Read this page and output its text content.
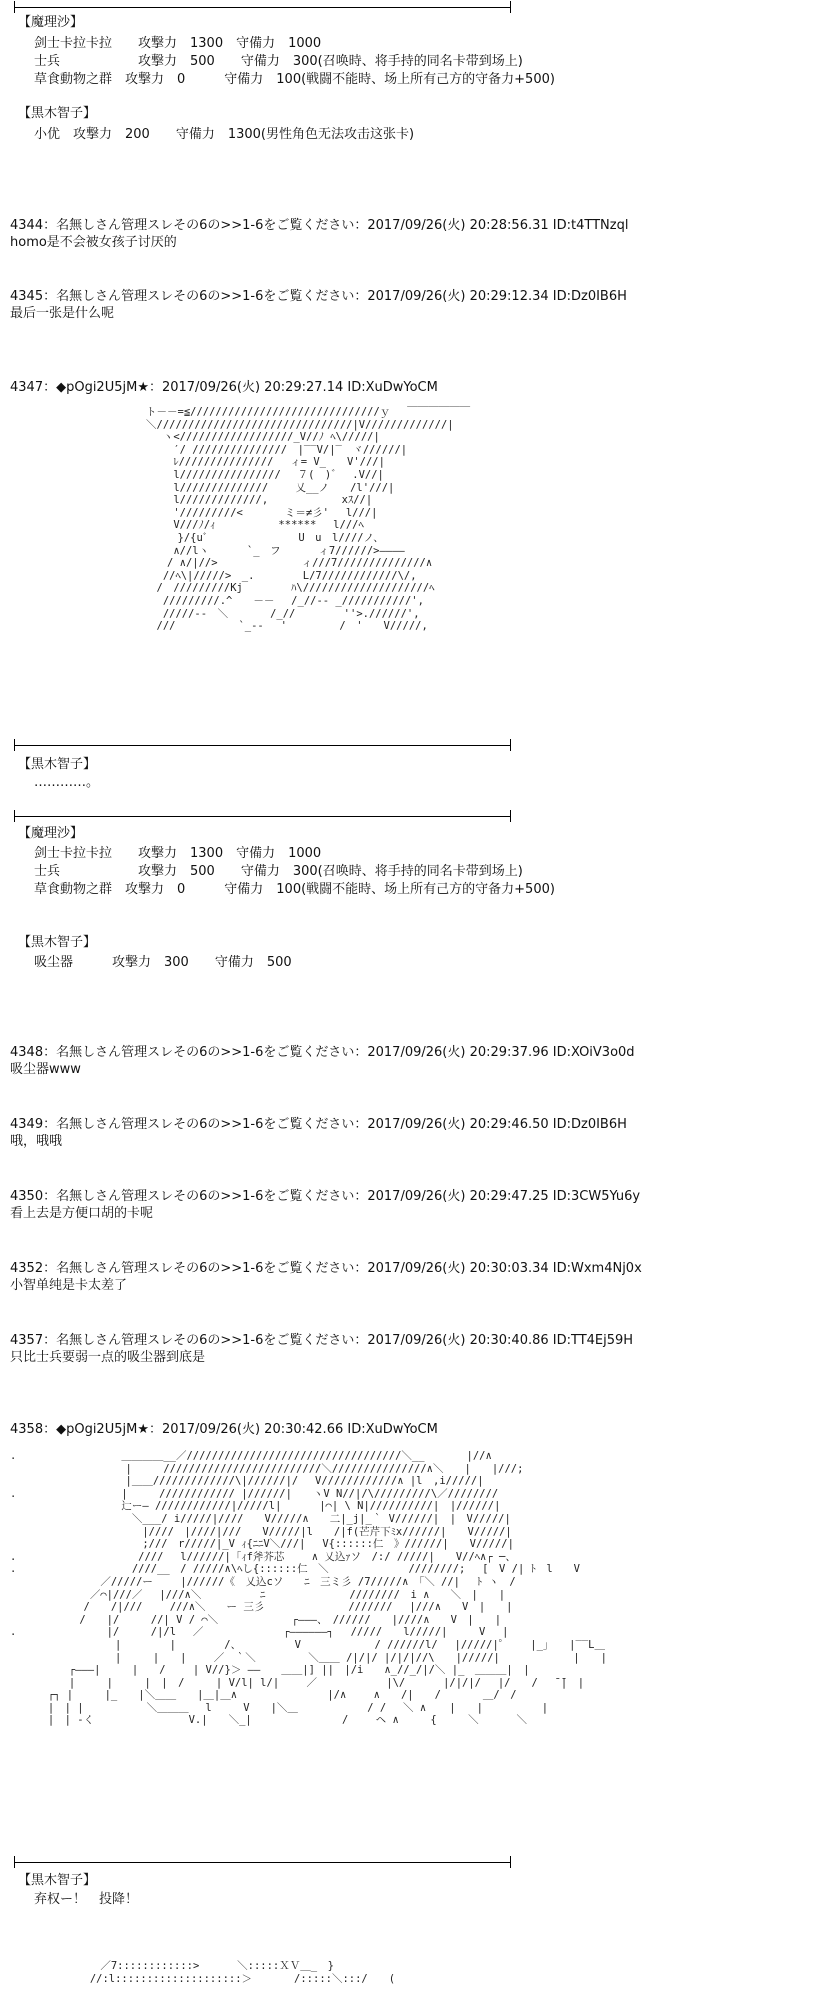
【魔理沙】
剑士卡拉卡拉　　攻撃力　1300　守備力　1000
士兵　　　　　　攻撃力　500　　守備力　300(召唤時、将手持的同名卡带到场上)
草食動物之群　攻撃力　0　　　守備力　100(戦闘不能時、场上所有己方的守备力+500)
【黒木智子】
小优　攻撃力　200　　守備力　1300(男性角色无法攻击这张卡)
4344：名無しさん管理スレその6の>>1-6をご覧ください：2017/09/26(火) 20:28:56.31 ID:t4TTNzql
homo是不会被女孩子讨厌的
4345：名無しさん管理スレその6の>>1-6をご覧ください：2017/09/26(火) 20:29:12.34 ID:Dz0IB6H
最后一张是什么呢
4347：◆pOgi2U5jM★：2017/09/26(火) 20:29:27.14 ID:XuDwYoCM
　　　　　　　　　　　　ト－－=≦//////////////////////////////ｙ　 ￣￣￣￣￣￣
　　　　　　　　　　　　＼///////////////////////////////|V/////////////|
　　　　　　　　　　　　　 ヽ<//////////////////_V//ﾉ ﾍ\/////|
　　　　　　　　　　　　　　 ′/ ///////////////　|‾‾V/|‾　ヾ//////|
　　　　　　　　　　　　　　 ﾚ/////////////// 　ィ= V_　　V'///|
　　　　　　　　　　　　　　 l////////////////　 ７(　)゛　.V//|
　　　　　　　　　　　　　　 l//////////////　　 乂__ノ　　/l'///|
　　　　　　　　　　　　　　 l/////////////,　　　　　　　xｽ//|
　　　　　　　　　　　　　　 '/////////<　　　　ミ＝≠彡'　 l///|
　　　　　　　　　　　　　　 V///ﾉ/ｨ　　　　　　******　 l///ﾍ
　　　　　　　　　　　　　　　}/{uﾞ　　　　　　　　 U　u　l////ノ、
　　　　　　　　　　　　　　 ∧//lヽ　　　 `_　フ　　　 ィ7//////>――――
　　　　　　　　　　　　　　/ ∧/|//>　　　　　　　　ィ///7//////////////∧
　　　　　　　　　　　　　 //ﾍ\|/////>　_.　　　　 L/7////////////\/,
　　　　　　　　　　　　　/　/////////Kj　　　　 ﾊ\////////////////////ﾍ
　　　　　　　　　　　　　 /////////.^　　－－　 /_//-- _///////////',
　　　　　　　　　　　　　 /////--　＼　　　　/_//　　　　 ''>.//////',
　　　　　　　　　　　　　///　　　　　　`_--　 '　　　　　/　'　　V/////,
【黒木智子】
…………。
【魔理沙】
剑士卡拉卡拉　　攻撃力　1300　守備力　1000
士兵　　　　　　攻撃力　500　　守備力　300(召唤時、将手持的同名卡带到场上)
草食動物之群　攻撃力　0　　　守備力　100(戦闘不能時、场上所有己方的守备力+500)
【黒木智子】
吸尘器　　　攻撃力　300　　守備力　500
4348：名無しさん管理スレその6の>>1-6をご覧ください：2017/09/26(火) 20:29:37.96 ID:XOiV3o0d
吸尘器www
4349：名無しさん管理スレその6の>>1-6をご覧ください：2017/09/26(火) 20:29:46.50 ID:Dz0IB6H
哦，哦哦
4350：名無しさん管理スレその6の>>1-6をご覧ください：2017/09/26(火) 20:29:47.25 ID:3CW5Yu6y
看上去是方便口胡的卡呢
4352：名無しさん管理スレその6の>>1-6をご覧ください：2017/09/26(火) 20:30:03.34 ID:Wxm4Nj0x
小智单纯是卡太差了
4357：名無しさん管理スレその6の>>1-6をご覧ください：2017/09/26(火) 20:30:40.86 ID:TT4Ej59H
只比士兵要弱一点的吸尘器到底是
4358：◆pOgi2U5jM★：2017/09/26(火) 20:30:42.66 ID:XuDwYoCM
.　　　　　　　　　　＿＿＿＿__／//////////////////////////////////＼__　　　　|//∧
　　　　　　　　　　　|　　　/////////////////////////＼///////////////∧＼　　|　　|///;
　　　　　　　　　　　|＿＿/////////////\|//////|/　 V////////////∧ |l　,i/////|
.　　　　　　　　　　|　　　//////////// |//////|　　ヽV N//|/\/////////\／////////
　　　　　　　　　　 辷ー― ////////////|/////l| 　　　|⌒| \ N|//////////|　|//////|
　　　　　　　　　　　 ＼___/ i/////|////　　V/////∧　　二|_j|_｀ V//////|　|　V/////|
　　　　　　　　　　　　 |////　|////|///　　V/////|l　　/|f(芒芹下ﾐx//////|　　V/////|
　　　　　　　　　　　　 ;///　r/////|_V ｨ{ﾆﾆV＼///|　 V{::::::仁　》//////|　　V/////|
.　　　　　　　　　　　 ////　 l//////|「ｨf斧芥芯　　 ∧ 乂込ｧソ　/:/ /////|　　V//ﾍ∧┌ ─、
.　　　　　　　　　　　////__　/ /////∧\ﾍし{::::::仁　＼　　　　　　　 ////////;　 [　V /| ﾄ　l　　V
　　　　　　　　 ／/////ー 　　|//////《　乂込cソ　　ﾆ　三ミ彡 /7/////∧　「＼ //|　 ﾄ ヽ　/
　　　　　　　 ／⌒|///／　 |///∧＼　　　　　 ﾆ　　　　　　　　////////　i ∧　　＼　|　　|
　　　　　　　/　　/|///　　 ///∧＼　　ー 三彡　　　　　　　　///////　 |///∧　　V　|　　|
　　　　　　 /　　|/　　　//| V / ⌒＼　　　　　　　┌―――、　//////　　|////∧　　V　|　　|
.　　　　　　　　 |/　　　/|/l 　／　　　　　　　 ┌――――――┐ 　/////　　l/////|　　　V　 |
　　　　　　　　　　|　　　　 |　　　　 /、　　　　　 V　　　　　　　/ //////l/　 |/////|゜　　|_」　　|‾‾L＿
　　　　　　　　　　|　　　|　　|　　 ／　｀＼　　　　　＼＿＿ /|/|/ |/|/|//\　　|/////|　　　　　　　|　　|
　　　　　 ┌―――|　　　|　　/　　 | V//}＞ ――　　＿＿|] ||　|/i　　∧_//_/|/＼ |_　＿＿＿|　|
　　　　　 |　　　|　　　|　|　/　　　| V/l| l/|　　 ／　　　　　　 |\/　　　 |/|/|/　 |/　　/　 ̄ ̄|　|
　　　 ┌┐ |　　　|_　　|＼＿＿　　|＿|＿∧　　　　　　　　 |/∧　　 ∧　　/|　　/　　　　＿/　/
　　　 |　| |　　　　　　＼＿＿＿　 l　　　V　　|＼＿　　　　　　 / /　 ＼ ∧ 　 |　　|　　　　　 |
　　　 |　| -く　　　　　　　　　V.|　　＼_|　　　　　　　　 /　　 ヘ ∧　　　{　　　＼　　　 ＼
【黒木智子】
弃权ー！　投降！
　　　　　　　　 ／7::::::::::::>　　　 ＼:::::ＸＶ＿_　}
　　　　　　　 //:l::::::::::::::::::::＞　　　　/:::::＼:::/　　(
